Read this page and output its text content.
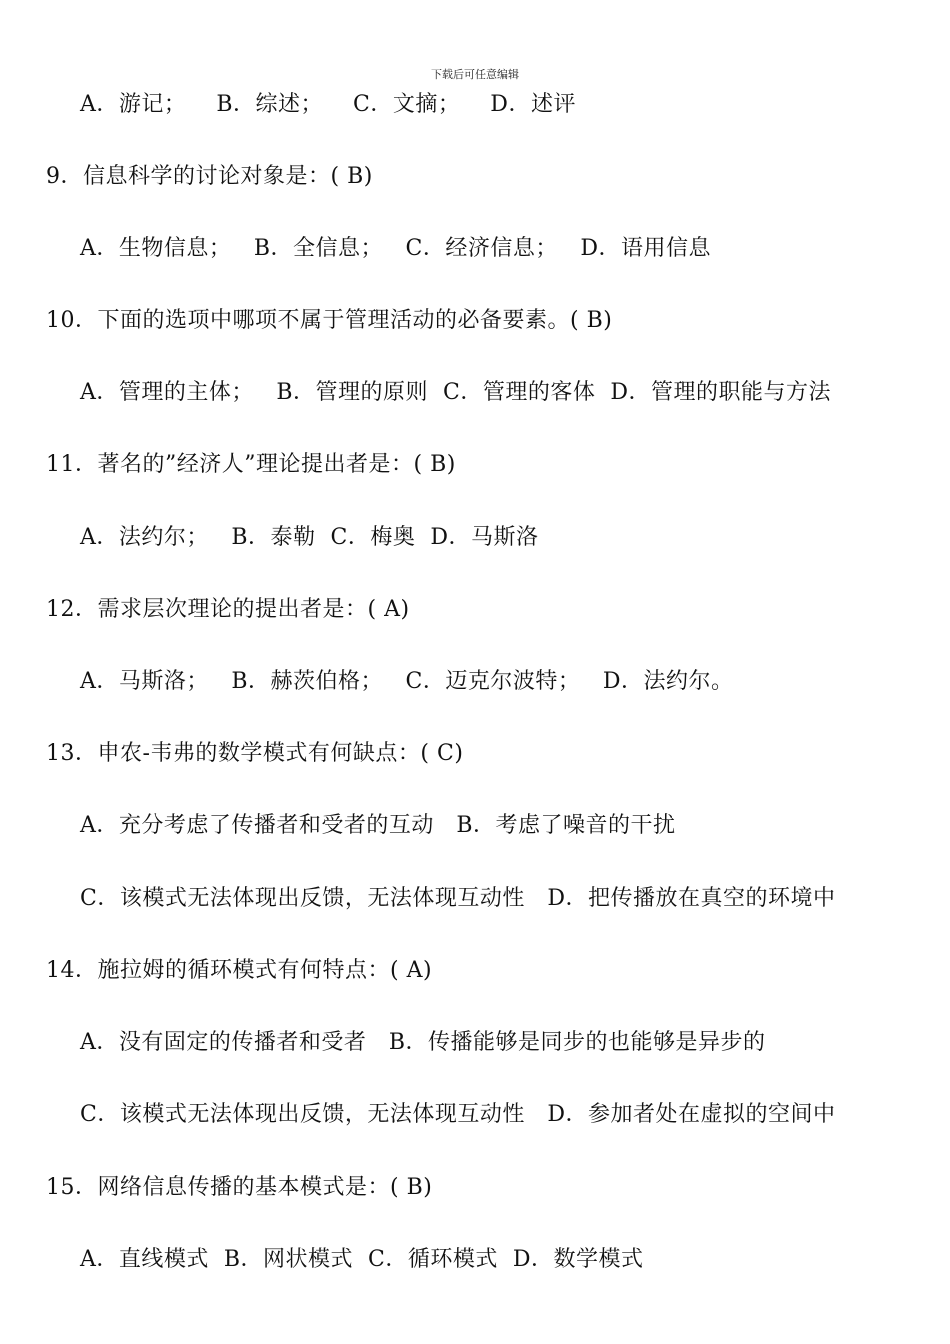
下载后可任意编辑
A．游记；    B．综述；    C．文摘；    D．述评
9．信息科学的讨论对象是：( B)
A．生物信息；   B．全信息；   C．经济信息；   D．语用信息
10．下面的选项中哪项不属于管理活动的必备要素。( B)
A．管理的主体；   B．管理的原则  C．管理的客体  D．管理的职能与方法
11．著名的”经济人”理论提出者是：( B)
A．法约尔；   B．泰勒  C．梅奥  D．马斯洛
12．需求层次理论的提出者是：( A)
A．马斯洛；   B．赫茨伯格；   C．迈克尔波特；   D．法约尔。
13．申农-韦弗的数学模式有何缺点：( C)
A．充分考虑了传播者和受者的互动   B．考虑了噪音的干扰
C．该模式无法体现出反馈，无法体现互动性   D．把传播放在真空的环境中
14．施拉姆的循环模式有何特点：( A)
A．没有固定的传播者和受者   B．传播能够是同步的也能够是异步的
C．该模式无法体现出反馈，无法体现互动性   D．参加者处在虚拟的空间中
15．网络信息传播的基本模式是：( B)
A．直线模式  B．网状模式  C．循环模式  D．数学模式
